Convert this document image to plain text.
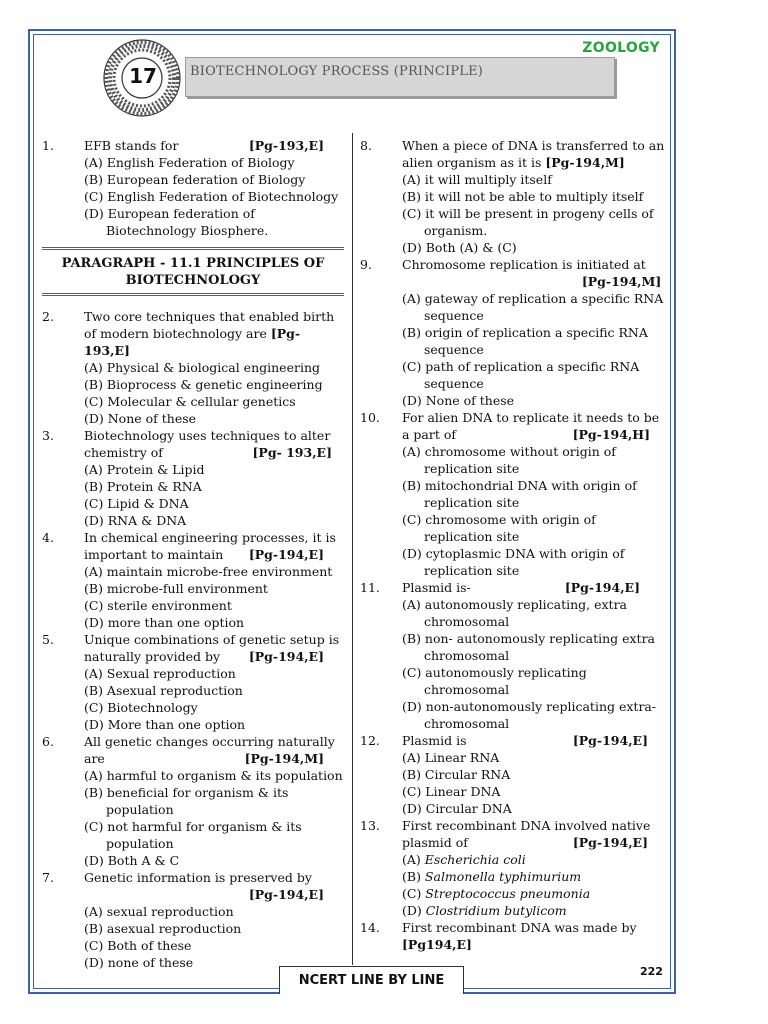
ZOOLOGY
17	BIOTECHNOLOGY PROCESS (PRINCIPLE)
1.	EFB stands for	[Pg-193,E]
(A) English Federation of Biology
(B) European federation of Biology
(C) English Federation of Biotechnology
(D) European federation of
Biotechnology Biosphere.
PARAGRAPH - 11.1 PRINCIPLES OF
BIOTECHNOLOGY
2.	Two core techniques that enabled birth
of modern biotechnology are [Pg-193,E]
(A) Physical & biological engineering
(B) Bioprocess & genetic engineering
(C) Molecular & cellular genetics
(D) None of these
3.	Biotechnology uses techniques to alter
chemistry of	[Pg- 193,E]
(A) Protein & Lipid
(B) Protein & RNA
(C) Lipid & DNA
(D) RNA & DNA
4.	In chemical engineering processes, it is
important to maintain [Pg-194,E]
(A) maintain microbe-free environment
(B) microbe-full environment
(C) sterile environment
(D) more than one option
5.	Unique combinations of genetic setup is
naturally provided by [Pg-194,E]
(A) Sexual reproduction
(B) Asexual reproduction
(C) Biotechnology
(D) More than one option
6.	All genetic changes occurring naturally
are	[Pg-194,M]
(A) harmful to organism & its population
(B) beneficial for organism & its
population
(C) not harmful for organism & its
population
(D) Both A & C
7.	Genetic information is preserved by
[Pg-194,E]
(A) sexual reproduction
(B) asexual reproduction
(C) Both of these
(D) none of these
8.	When a piece of DNA is transferred to an
alien organism as it is [Pg-194,M]
(A) it will multiply itself
(B) it will not be able to multiply itself
(C) it will be present in progeny cells of
organism.
(D) Both (A) & (C)
9.	Chromosome replication is initiated at
[Pg-194,M]
(A) gateway of replication a specific RNA
sequence
(B) origin of replication a specific RNA
sequence
(C) path of replication a specific RNA
sequence
(D) None of these
10.	For alien DNA to replicate it needs to be
a part of	[Pg-194,H]
(A) chromosome without origin of
replication site
(B) mitochondrial DNA with origin of
replication site
(C) chromosome with origin of
replication site
(D) cytoplasmic DNA with origin of
replication site
11.	Plasmid is-	[Pg-194,E]
(A) autonomously replicating, extra
chromosomal
(B) non- autonomously replicating extra
chromosomal
(C) autonomously replicating
chromosomal
(D) non-autonomously replicating extra-
chromosomal
12.	Plasmid is	[Pg-194,E]
(A) Linear RNA
(B) Circular RNA
(C) Linear DNA
(D) Circular DNA
13.	First recombinant DNA involved native
plasmid of	[Pg-194,E]
(A) Escherichia coli
(B) Salmonella typhimurium
(C) Streptococcus pneumonia
(D) Clostridium butylicom
14.	First recombinant DNA was made by
[Pg194,E]
NCERT LINE BY LINE
222
